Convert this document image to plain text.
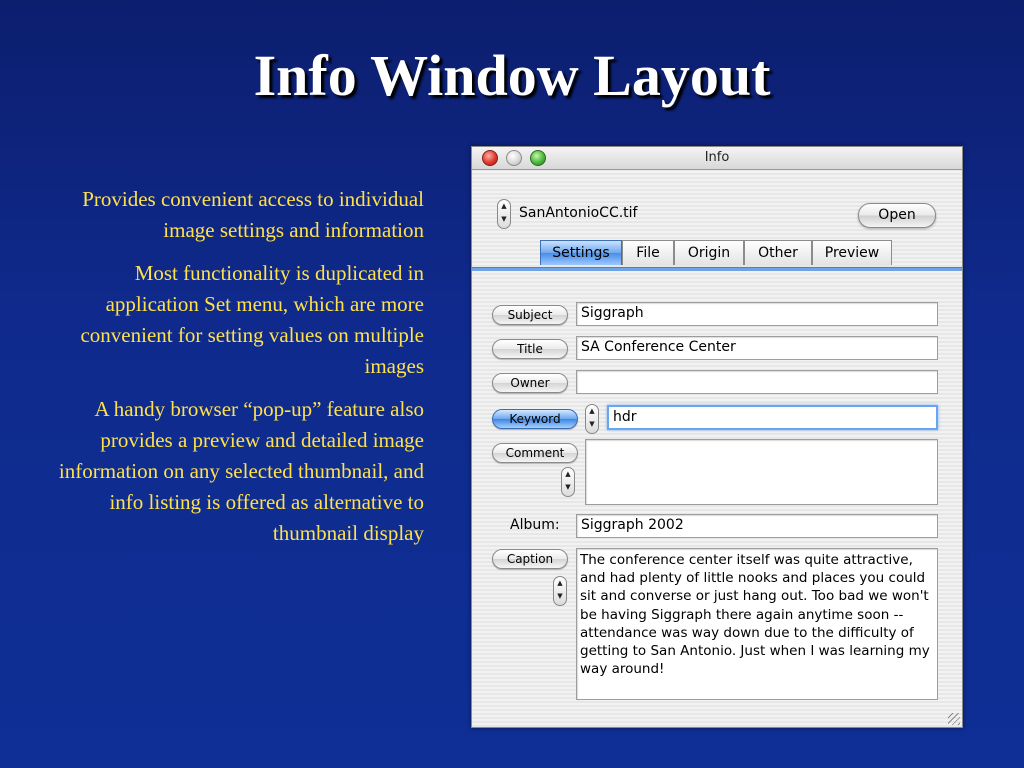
Info Window Layout

Provides convenient access to individual image settings and information

Most functionality is duplicated in application Set menu, which are more convenient for setting values on multiple images

A handy browser “pop-up” feature also provides a preview and detailed image information on any selected thumbnail, and info listing is offered as alternative to thumbnail display

Info
▲
▼ SanAntonioCC.tif	Open
Settings	File	Origin	Other	Preview
Subject	Siggraph
Title	SA Conference Center
Owner
Keyword
▲
▼	hdr
Comment
▲
▼
Album:	Siggraph 2002
Caption
▲
▼
The conference center itself was quite attractive, and had plenty of little nooks and places you could sit and converse or just hang out. Too bad we won't be having Siggraph there again anytime soon -- attendance was way down due to the difficulty of getting to San Antonio. Just when I was learning my way around!
